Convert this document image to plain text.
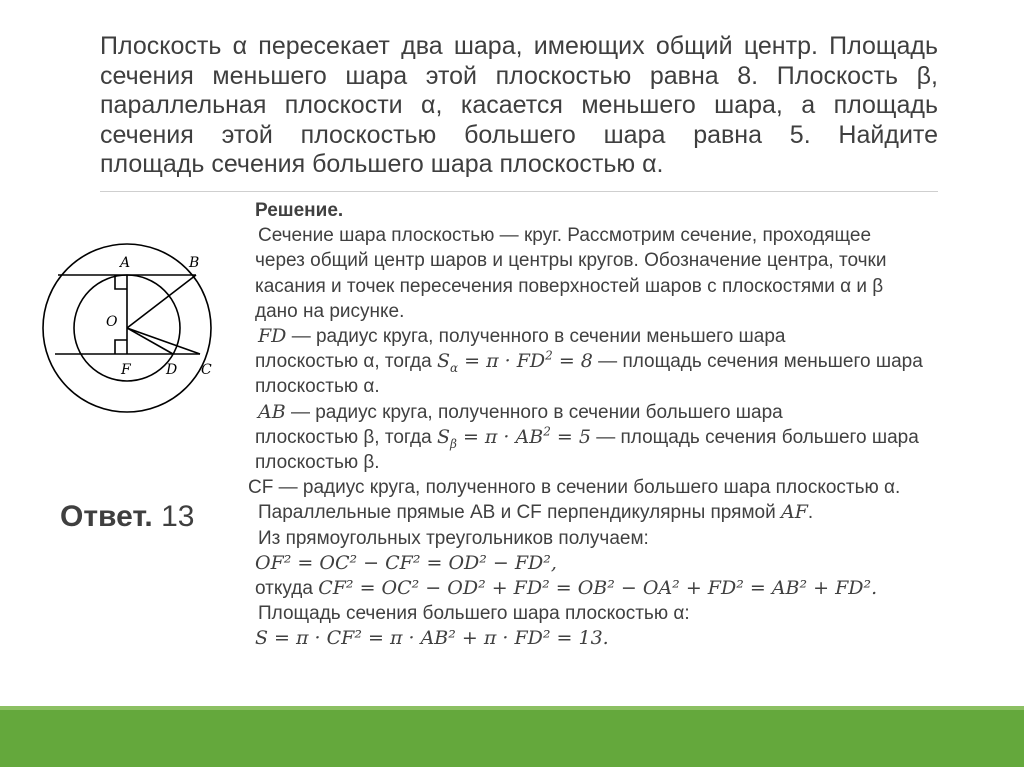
Плоскость α пересекает два шара, имеющих общий центр. Площадь
сечения меньшего шара этой плоскостью равна 8. Плоскость β,
параллельная плоскости α, касается меньшего шара, а площадь
сечения этой плоскостью большего шара равна 5. Найдите
площадь сечения большего шара плоскостью α.
A	B
O
F	D C
Решение.
Сечение шара плоскостью — круг. Рассмотрим сечение, проходящее
через общий центр шаров и центры кругов. Обозначение центра, точки
касания и точек пересечения поверхностей шаров с плоскостями α и β
дано на рисунке.
FD — радиус круга, полученного в сечении меньшего шара
плоскостью α, тогда $S_\alpha = \pi \cdot FD^2 = 8$ — площадь сечения меньшего шара
плоскостью α.
AB — радиус круга, полученного в сечении большего шара
плоскостью β, тогда $S_\beta = \pi \cdot AB^2 = 5$ — площадь сечения большего шара
плоскостью β.
CF — радиус круга, полученного в сечении большего шара плоскостью α.
Параллельные прямые AB и CF перпендикулярны прямой AF.
Из прямоугольных треугольников получаем:
OF² = OC² − CF² = OD² − FD²,
откуда CF² = OC² − OD² + FD² = OB² − OA² + FD² = AB² + FD².
Площадь сечения большего шара плоскостью α:
S = π · CF² = π · AB² + π · FD² = 13.
Ответ. 13
